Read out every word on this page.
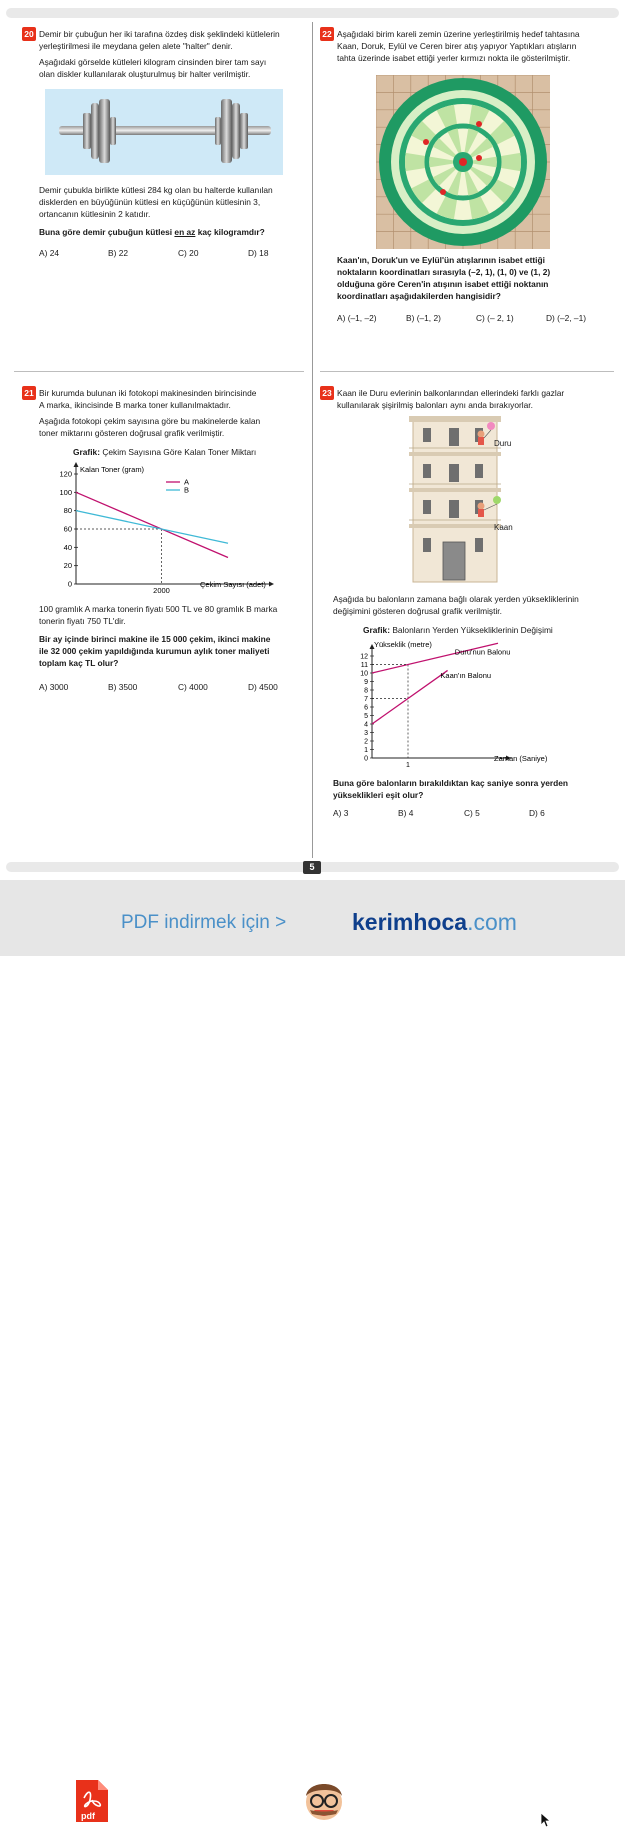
5
20 Demir bir çubuğun her iki tarafına özdeş disk şeklindeki kütlelerin
yerleştirilmesi ile meydana gelen alete "halter" denir.
Aşağıdaki görselde kütleleri kilogram cinsinden birer tam sayı
olan diskler kullanılarak oluşturulmuş bir halter verilmiştir.
Demir çubukla birlikte kütlesi 284 kg olan bu halterde kullanılan
disklerden en büyüğünün kütlesi en küçüğünün kütlesinin 3,
ortancanın kütlesinin 2 katıdır.
Buna göre demir çubuğun kütlesi en az kaç kilogramdır?
A) 24	B) 22	C) 20	D) 18
22 Aşağıdaki birim kareli zemin üzerine yerleştirilmiş hedef tahtasına
Kaan, Doruk, Eylül ve Ceren birer atış yapıyor Yaptıkları atışların
tahta üzerinde isabet ettiği yerler kırmızı nokta ile gösterilmiştir.
Kaan'ın, Doruk'un ve Eylül'ün atışlarının isabet ettiği
noktaların koordinatları sırasıyla (–2, 1), (1, 0) ve (1, 2)
olduğuna göre Ceren'in atışının isabet ettiği noktanın
koordinatları aşağıdakilerden hangisidir?
A) (–1, –2)	B) (–1, 2)	C) (– 2, 1)	D) (–2, –1)
21 Bir kurumda bulunan iki fotokopi makinesinden birincisinde
A marka, ikincisinde B marka toner kullanılmaktadır.
Aşağıda fotokopi çekim sayısına göre bu makinelerde kalan
toner miktarını gösteren doğrusal grafik verilmiştir.
Grafik: Çekim Sayısına Göre Kalan Toner Miktarı
Kalan Toner (gram)
Çekim Sayısı (adet)
0
20
40
60
80
100
120
2000
A
B
100 gramlık A marka tonerin fiyatı 500 TL ve 80 gramlık B marka
tonerin fiyatı 750 TL'dir.
Bir ay içinde birinci makine ile 15 000 çekim, ikinci makine
ile 32 000 çekim yapıldığında kurumun aylık toner maliyeti
toplam kaç TL olur?
A) 3000	B) 3500	C) 4000	D) 4500
23 Kaan ile Duru evlerinin balkonlarından ellerindeki farklı gazlar
kullanılarak şişirilmiş balonları aynı anda bırakıyorlar.
Duru
Kaan
Aşağıda bu balonların zamana bağlı olarak yerden yüksekliklerinin
değişimini gösteren doğrusal grafik verilmiştir.
Grafik: Balonların Yerden Yüksekliklerinin Değişimi
Yükseklik (metre)
Zaman (Saniye)
0
1
2
3
4
5
6
7
8
9
10
11
12
1
Duru'nun Balonu
Kaan'ın Balonu
Buna göre balonların bırakıldıktan kaç saniye sonra yerden
yükseklikleri eşit olur?
A) 3	B) 4	C) 5	D) 6
pdf
PDF indirmek için >	kerimhoca.com
